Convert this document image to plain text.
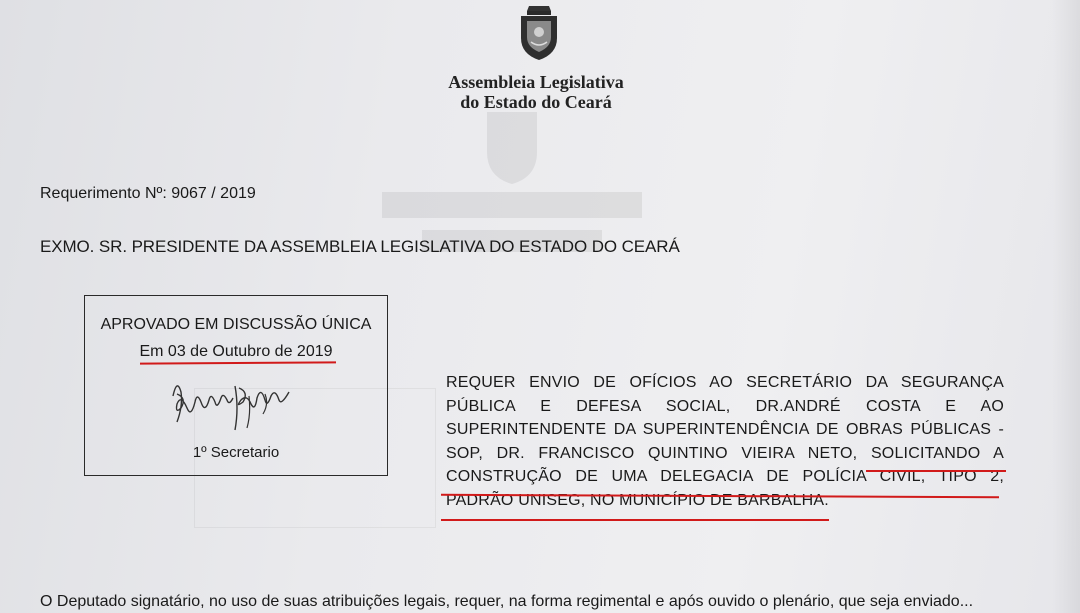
Assembleia Legislativa
do Estado do Ceará
Requerimento Nº: 9067 / 2019
EXMO. SR. PRESIDENTE DA ASSEMBLEIA LEGISLATIVA DO ESTADO DO CEARÁ
APROVADO EM DISCUSSÃO ÚNICA
Em 03 de Outubro de 2019
1º Secretario
REQUER ENVIO DE OFÍCIOS AO SECRETÁRIO DA SEGURANÇA PÚBLICA E DEFESA SOCIAL, DR.ANDRÉ COSTA E AO SUPERINTENDENTE DA SUPERINTENDÊNCIA DE OBRAS PÚBLICAS - SOP, DR. FRANCISCO QUINTINO VIEIRA NETO, SOLICITANDO A CONSTRUÇÃO DE UMA DELEGACIA DE POLÍCIA CIVIL, TIPO 2, PADRÃO UNISEG, NO MUNICÍPIO DE BARBALHA.
O Deputado signatário, no uso de suas atribuições legais, requer, na forma regimental e após ouvido o plenário, que seja enviado...
